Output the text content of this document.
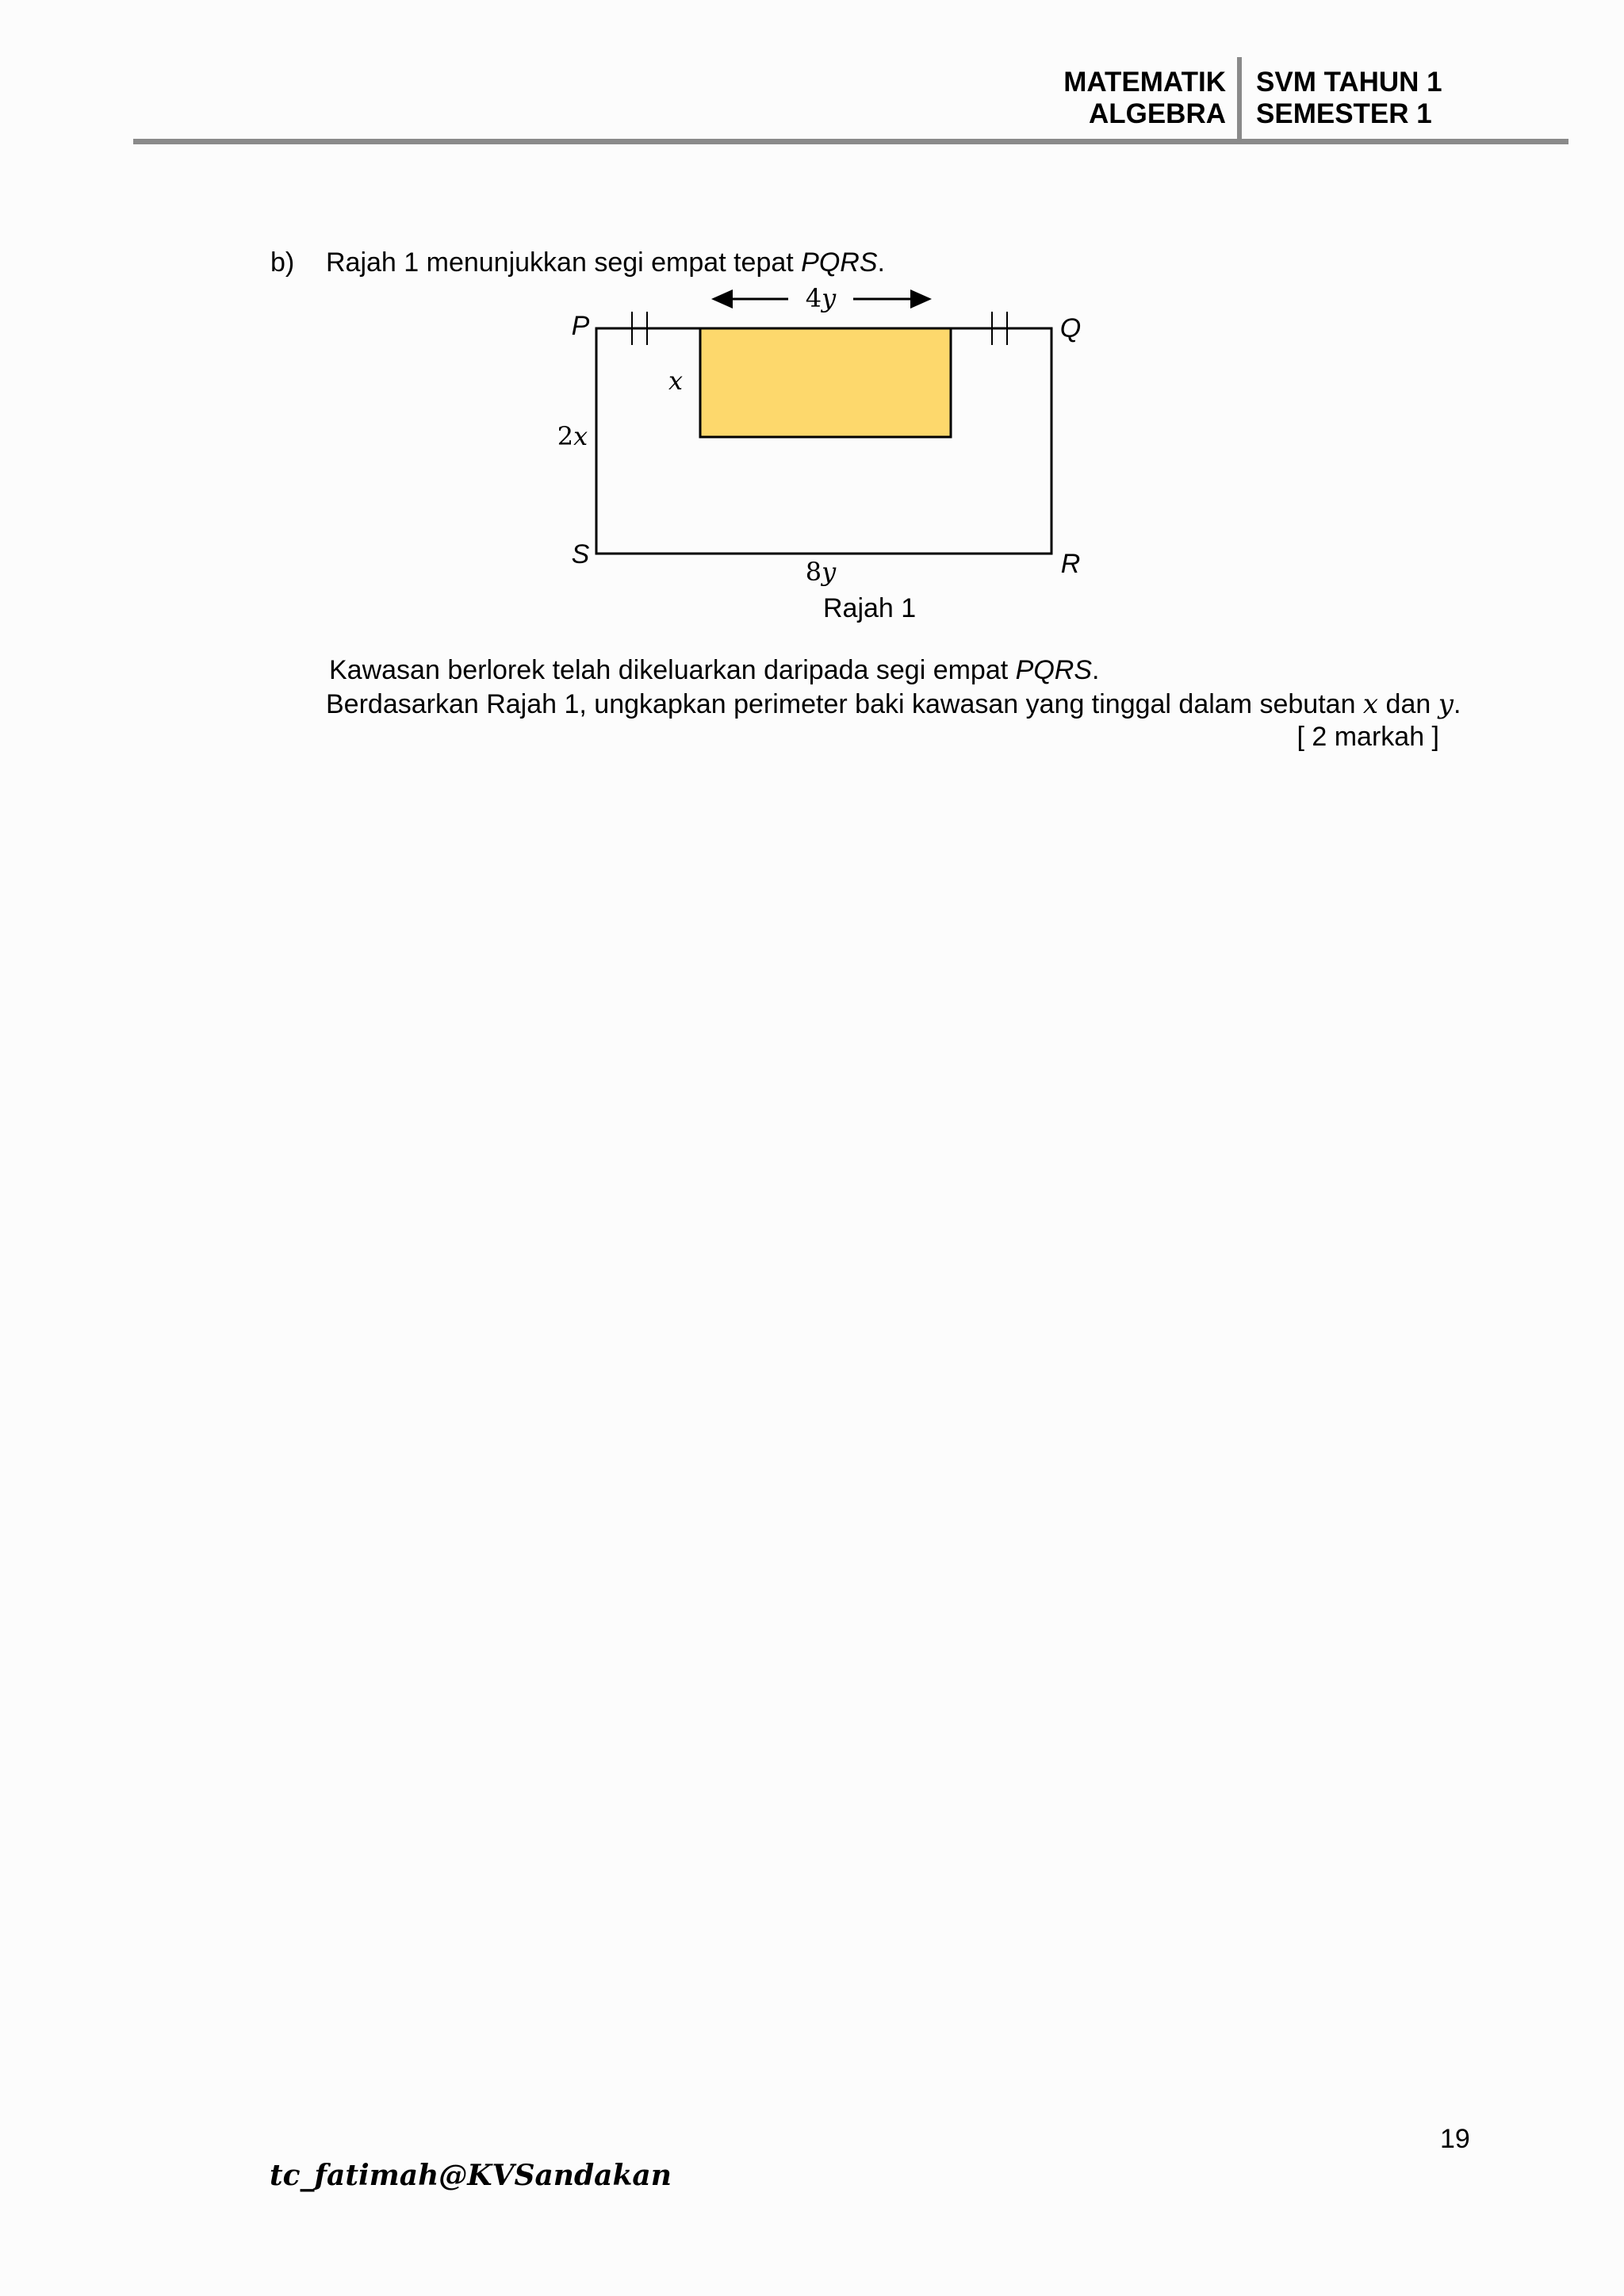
MATEMATIK
ALGEBRA
SVM TAHUN 1
SEMESTER 1
b) Rajah 1 menunjukkan segi empat tepat PQRS.
4𝑦
𝑥
2𝑥
8𝑦
P	Q
S	R
Rajah 1
Kawasan berlorek telah dikeluarkan daripada segi empat PQRS.
Berdasarkan Rajah 1, ungkapkan perimeter baki kawasan yang tinggal dalam sebutan x dan y.
[ 2 markah ]
19
tc_fatimah@KVSandakan
